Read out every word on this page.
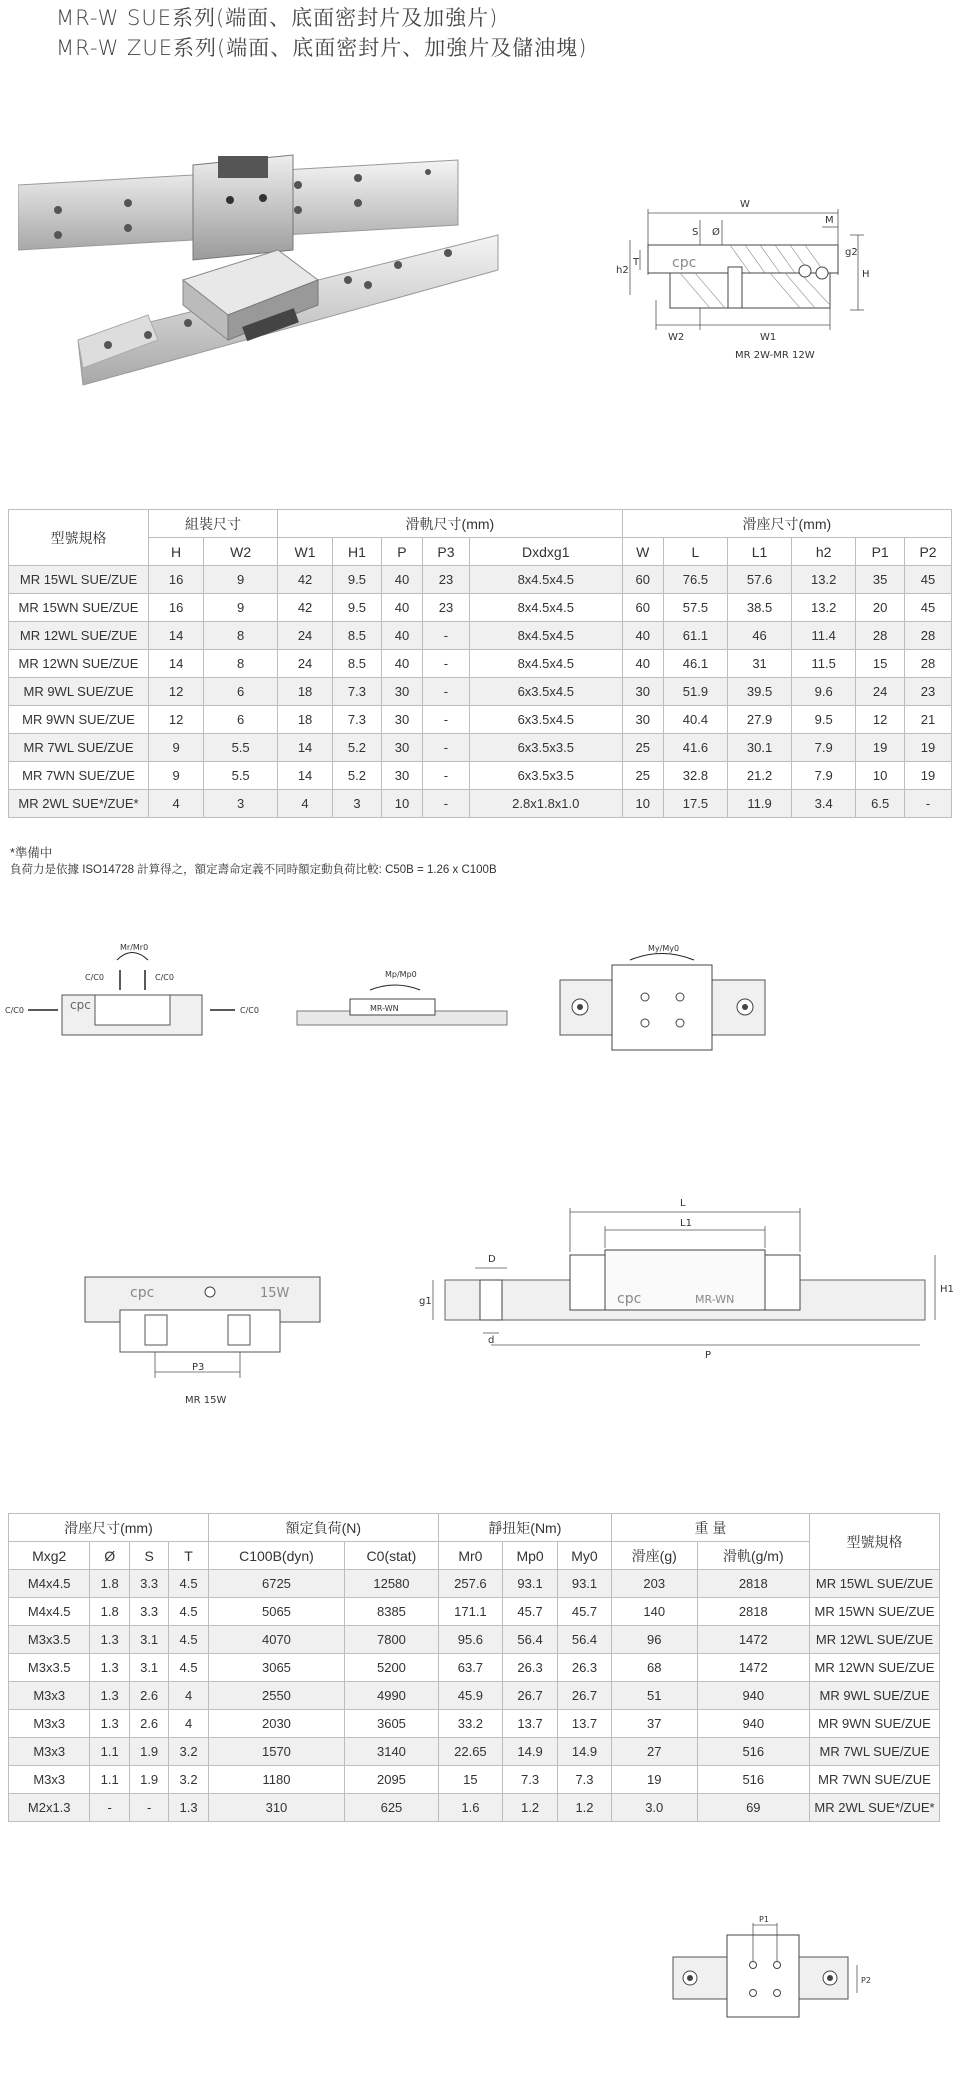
MR-W SUE系列(端面、底面密封片及加強片)
MR-W ZUE系列(端面、底面密封片、加強片及儲油塊)
cpc
W
M
g2
H
S Ø
T
h2
W2	W1
MR 2W-MR 12W
型號規格	組裝尺寸		滑軌尺寸(mm)					滑座尺寸(mm)					
	H	W2	W1	H1	P	P3	Dxdxg1	W	L	L1	h2	P1	P2
MR 15WL SUE/ZUE	16	9	42	9.5	40	23	8x4.5x4.5	60	76.5	57.6	13.2	35	45
MR 15WN SUE/ZUE	16	9	42	9.5	40	23	8x4.5x4.5	60	57.5	38.5	13.2	20	45
MR 12WL SUE/ZUE	14	8	24	8.5	40	-	8x4.5x4.5	40	61.1	46	11.4	28	28
MR 12WN SUE/ZUE	14	8	24	8.5	40	-	8x4.5x4.5	40	46.1	31	11.5	15	28
MR 9WL SUE/ZUE	12	6	18	7.3	30	-	6x3.5x4.5	30	51.9	39.5	9.6	24	23
MR 9WN SUE/ZUE	12	6	18	7.3	30	-	6x3.5x4.5	30	40.4	27.9	9.5	12	21
MR 7WL SUE/ZUE	9	5.5	14	5.2	30	-	6x3.5x3.5	25	41.6	30.1	7.9	19	19
MR 7WN SUE/ZUE	9	5.5	14	5.2	30	-	6x3.5x3.5	25	32.8	21.2	7.9	10	19
MR 2WL SUE*/ZUE*	4	3	4	3	10	-	2.8x1.8x1.0	10	17.5	11.9	3.4	6.5	-
*準備中
負荷力是依據 ISO14728 計算得之，額定壽命定義不同時額定動負荷比較: C50B = 1.26 x C100B
cpc
Mr/Mr0
C/C0	C/C0
C/C0	C/C0	MR-WN
Mp/Mp0
My/My0
cpc	15W
P3
MR 15W
cpc	MR-WN
L
L1
D
d
g1
H1
P
滑座尺寸(mm)				額定負荷(N)		靜扭矩(Nm)			重 量		型號規格
Mxg2	Ø	S	T	C100B(dyn)	C0(stat)	Mr0	Mp0	My0	滑座(g)	滑軌(g/m)	
M4x4.5	1.8	3.3	4.5	6725	12580	257.6	93.1	93.1	203	2818	MR 15WL SUE/ZUE
M4x4.5	1.8	3.3	4.5	5065	8385	171.1	45.7	45.7	140	2818	MR 15WN SUE/ZUE
M3x3.5	1.3	3.1	4.5	4070	7800	95.6	56.4	56.4	96	1472	MR 12WL SUE/ZUE
M3x3.5	1.3	3.1	4.5	3065	5200	63.7	26.3	26.3	68	1472	MR 12WN SUE/ZUE
M3x3	1.3	2.6	4	2550	4990	45.9	26.7	26.7	51	940	MR 9WL SUE/ZUE
M3x3	1.3	2.6	4	2030	3605	33.2	13.7	13.7	37	940	MR 9WN SUE/ZUE
M3x3	1.1	1.9	3.2	1570	3140	22.65	14.9	14.9	27	516	MR 7WL SUE/ZUE
M3x3	1.1	1.9	3.2	1180	2095	15	7.3	7.3	19	516	MR 7WN SUE/ZUE
M2x1.3	-	-	1.3	310	625	1.6	1.2	1.2	3.0	69	MR 2WL SUE*/ZUE*
P1
P2
